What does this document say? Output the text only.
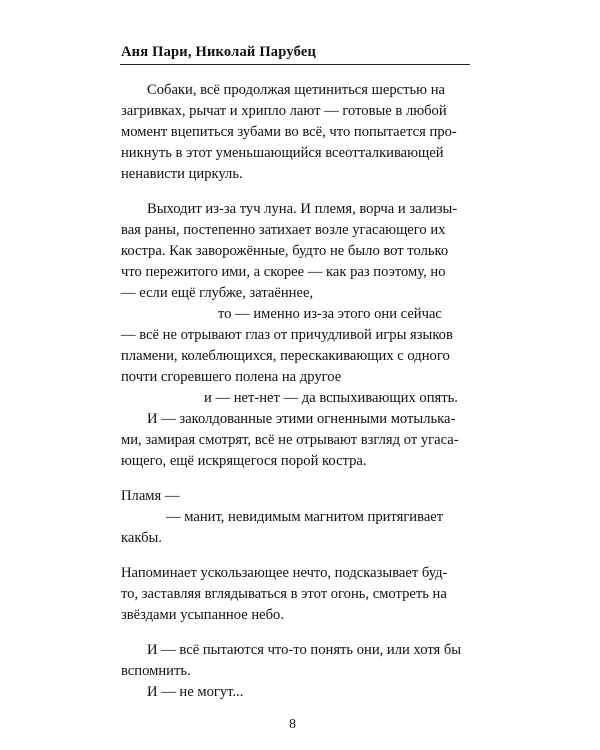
Аня Пари, Николай Парубец
Собаки, всё продолжая щетиниться шерстью на
загривках, рычат и хрипло лают — готовые в любой
момент вцепиться зубами во всё, что попытается про-
никнуть в этот уменьшающийся всеотталкивающей
ненависти циркуль.
Выходит из-за туч луна. И племя, ворча и зализы-
вая раны, постепенно затихает возле угасающего их
костра. Как заворожённые, будто не было вот только
что пережитого ими, а скорее — как раз поэтому, но
— если ещё глубже, затаённее,
то — именно из-за этого они сейчас
— всё не отрывают глаз от причудливой игры языков
пламени, колеблющихся, перескакивающих с одного
почти сгоревшего полена на другое
и — нет-нет — да вспыхивающих опять.
И — заколдованные этими огненными мотылька-
ми, замирая смотрят, всё не отрывают взгляд от угаса-
ющего, ещё искрящегося порой костра.
Пламя —
— манит, невидимым магнитом притягивает
какбы.
Напоминает ускользающее нечто, подсказывает буд-
то, заставляя вглядываться в этот огонь, смотреть на
звёздами усыпанное небо.
И — всё пытаются что-то понять они, или хотя бы
вспомнить.
И — не могут...
8
